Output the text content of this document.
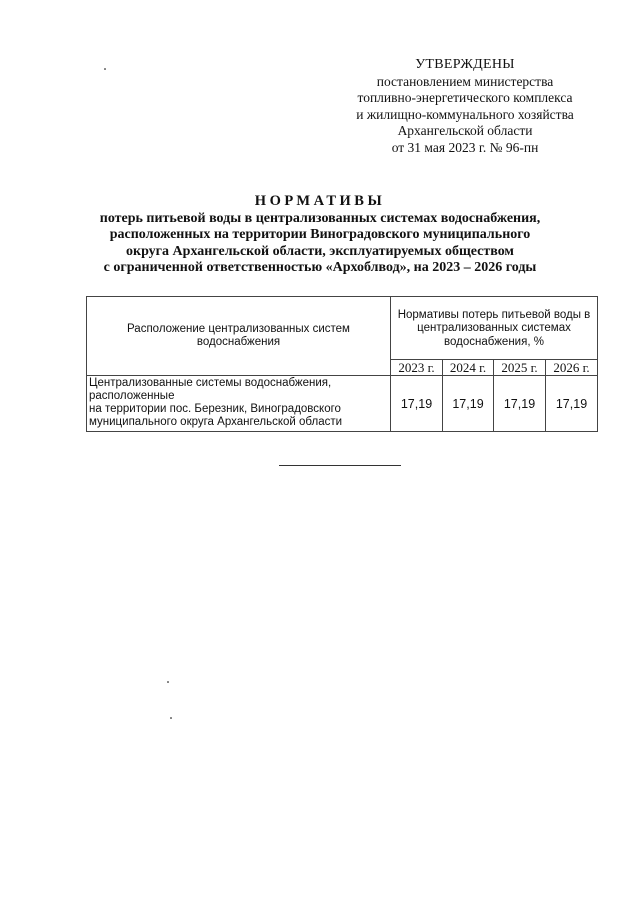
УТВЕРЖДЕНЫ
постановлением министерства
топливно-энергетического комплекса
и жилищно-коммунального хозяйства
Архангельской области
от 31 мая 2023 г. № 96-пн
НОРМАТИВЫ
потерь питьевой воды в централизованных системах водоснабжения,
расположенных на территории Виноградовского муниципального
округа Архангельской области, эксплуатируемых обществом
с ограниченной ответственностью «Архоблвод», на 2023 – 2026 годы
Расположение централизованных систем водоснабжения	Нормативы потерь питьевой воды в централизованных системах водоснабжения, %			
	2023 г.	2024 г.	2025 г.	2026 г.

Централизованные системы водоснабжения,
расположенные
на территории пос. Березник, Виноградовского
муниципального округа Архангельской области	17,19	17,19	17,19	17,19
